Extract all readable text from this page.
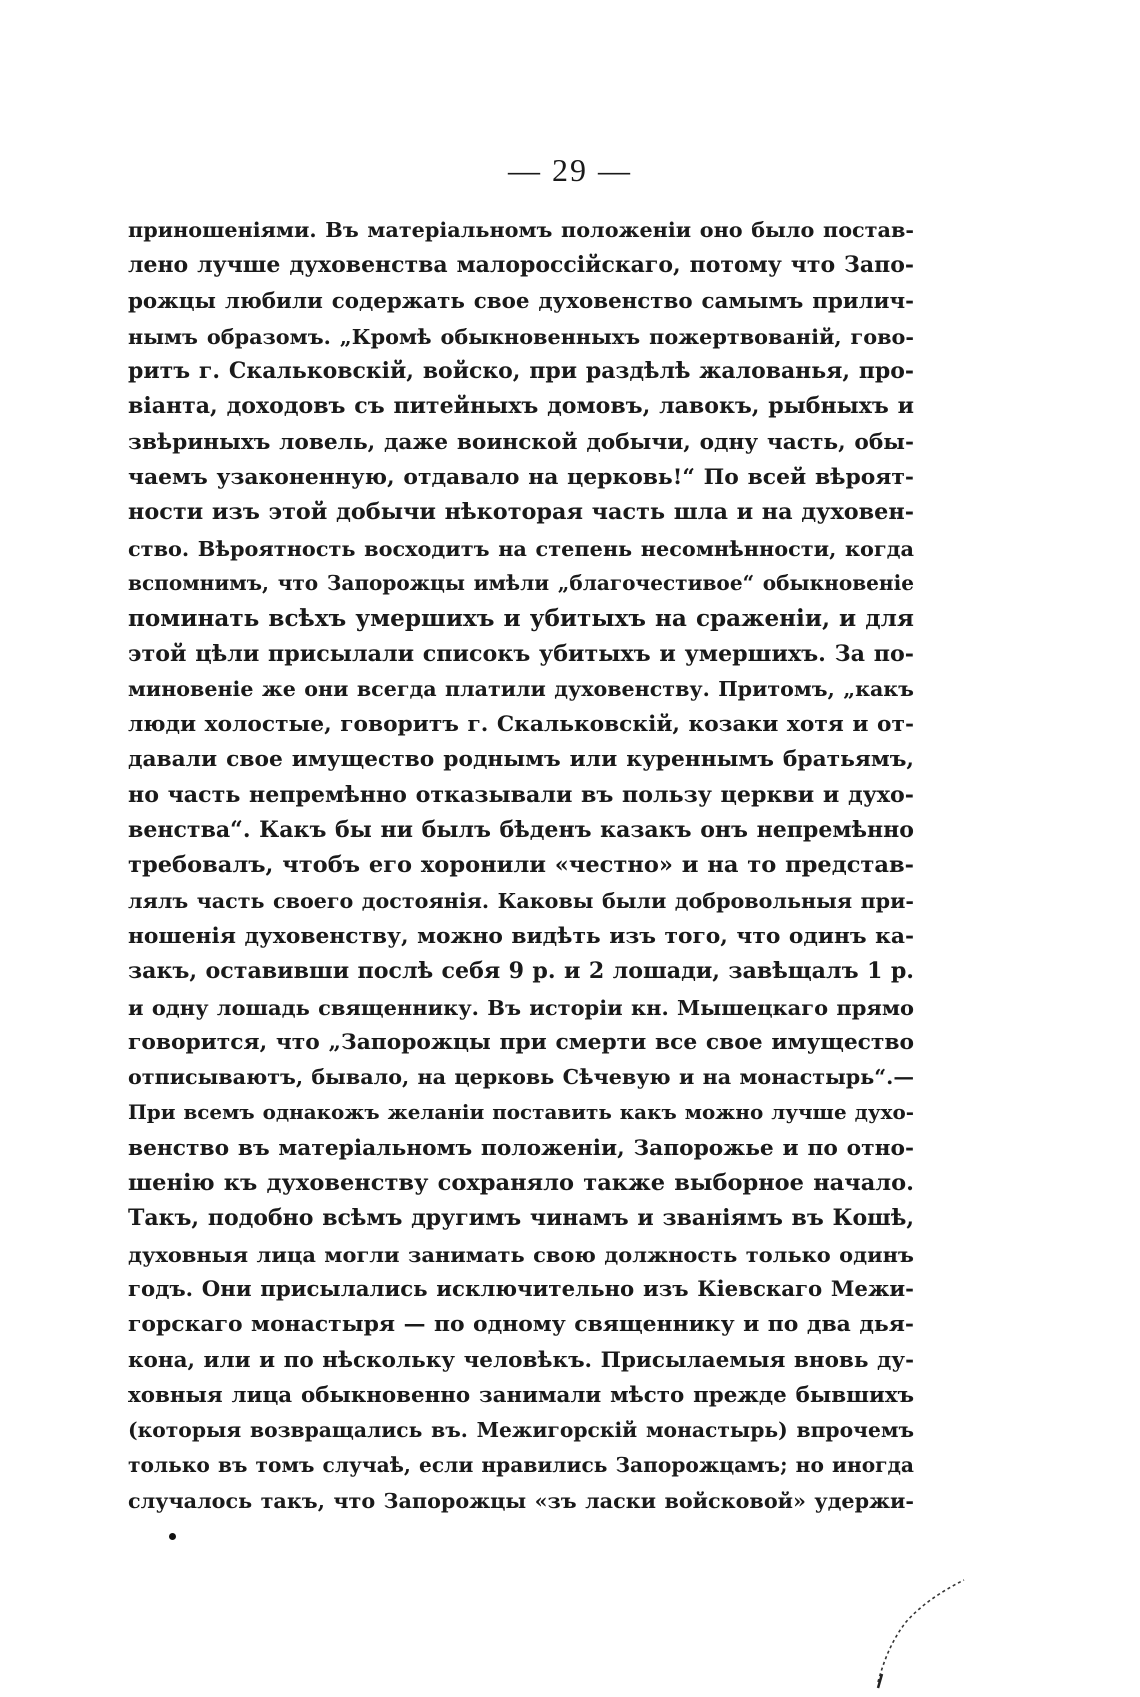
— 29 —
приношеніями. Въ матеріальномъ положеніи оно было постав-
лено лучше духовенства малороссійскаго, потому что Запо-
рожцы любили содержать свое духовенство самымъ прилич-
нымъ образомъ. „Кромѣ обыкновенныхъ пожертвованій, гово-
ритъ г. Скальковскій, войско, при раздѣлѣ жалованья, про-
віанта, доходовъ съ питейныхъ домовъ, лавокъ, рыбныхъ и
звѣриныхъ ловель, даже воинской добычи, одну часть, обы-
чаемъ узаконенную, отдавало на церковь!“ По всей вѣроят-
ности изъ этой добычи нѣкоторая часть шла и на духовен-
ство. Вѣроятность восходитъ на степень несомнѣнности, когда
вспомнимъ, что Запорожцы имѣли „благочестивое“ обыкновеніе
поминать всѣхъ умершихъ и убитыхъ на сраженіи, и для
этой цѣли присылали списокъ убитыхъ и умершихъ. За по-
миновеніе же они всегда платили духовенству. Притомъ, „какъ
люди холостые, говоритъ г. Скальковскій, козаки хотя и от-
давали свое имущество роднымъ или куреннымъ братьямъ,
но часть непремѣнно отказывали въ пользу церкви и духо-
венства“. Какъ бы ни былъ бѣденъ казакъ онъ непремѣнно
требовалъ, чтобъ его хоронили «честно» и на то представ-
лялъ часть своего достоянія. Каковы были добровольныя при-
ношенія духовенству, можно видѣть изъ того, что одинъ ка-
закъ, оставивши послѣ себя 9 р. и 2 лошади, завѣщалъ 1 р.
и одну лошадь священнику. Въ исторіи кн. Мышецкаго прямо
говорится, что „Запорожцы при смерти все свое имущество
отписываютъ, бывало, на церковь Сѣчевую и на монастырь“.—
При всемъ однакожъ желаніи поставить какъ можно лучше духо-
венство въ матеріальномъ положеніи, Запорожье и по отно-
шенію къ духовенству сохраняло также выборное начало.
Такъ, подобно всѣмъ другимъ чинамъ и званіямъ въ Кошѣ,
духовныя лица могли занимать свою должность только одинъ
годъ. Они присылались исключительно изъ Кіевскаго Межи-
горскаго монастыря — по одному священнику и по два дья-
кона, или и по нѣскольку человѣкъ. Присылаемыя вновь ду-
ховныя лица обыкновенно занимали мѣсто прежде бывшихъ
(которыя возвращались въ. Межигорскій монастырь) впрочемъ
только въ томъ случаѣ, если нравились Запорожцамъ; но иногда
случалось такъ, что Запорожцы «зъ ласки войсковой» удержи-
